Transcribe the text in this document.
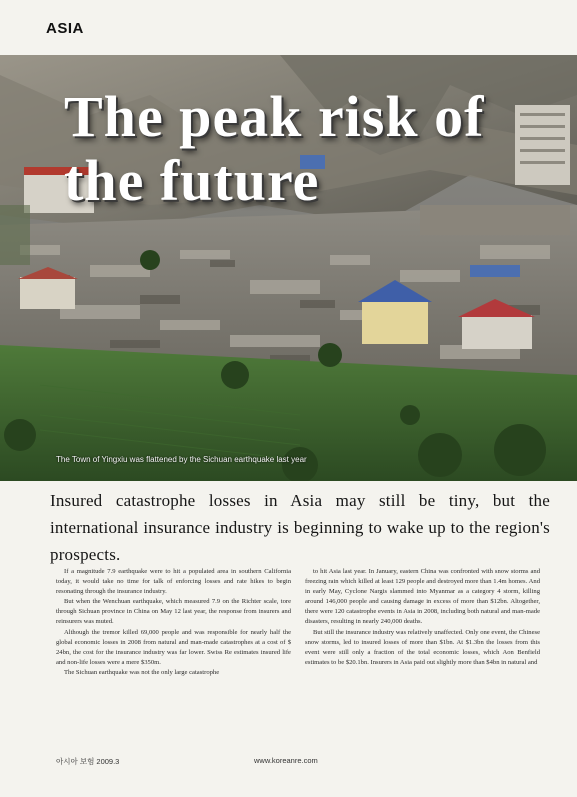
ASIA
The peak risk of
the future
The Town of Yingxiu was flattened by the Sichuan earthquake last year
Insured catastrophe losses in Asia may still be tiny, but the international insurance industry is beginning to wake up to the region's prospects.

If a magnitude 7.9 earthquake were to hit a populated area in southern California today, it would take no time for talk of enforcing losses and rate hikes to begin resonating through the insurance industry.

But when the Wenchuan earthquake, which measured 7.9 on the Richter scale, tore through Sichuan province in China on May 12 last year, the response from insurers and reinsurers was muted.

Although the tremor killed 69,000 people and was responsible for nearly half the global economic losses in 2008 from natural and man-made catastrophes at a cost of $ 24bn, the cost for the insurance industry was far lower. Swiss Re estimates insured life and non-life losses were a mere $350m.

The Sichuan earthquake was not the only large catastrophe

to hit Asia last year. In January, eastern China was confronted with snow storms and freezing rain which killed at least 129 people and destroyed more than 1.4m homes. And in early May, Cyclone Nargis slammed into Myanmar as a category 4 storm, killing around 146,000 people and causing damage in excess of more than $12bn. Altogether, there were 120 catastrophe events in Asia in 2008, including both natural and man-made disasters, resulting in nearly 240,000 deaths.

But still the insurance industry was relatively unaffected. Only one event, the Chinese snow storms, led to insured losses of more than $1bn. At $1.3bn the losses from this event were still only a fraction of the total economic losses, which Aon Benfield estimates to be $20.1bn. Insurers in Asia paid out slightly more than $4bn in natural and

아시아 보험 2009.3	www.koreanre.com
